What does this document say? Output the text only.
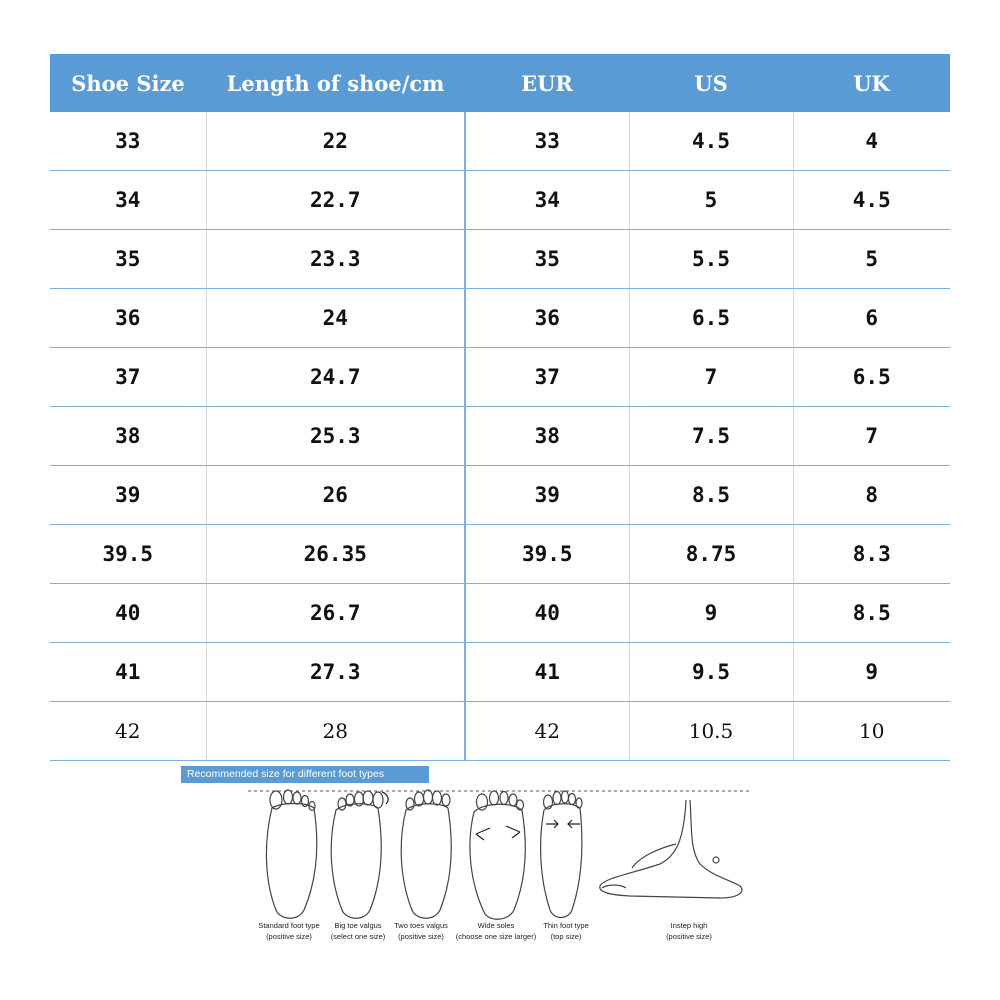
Shoe Size	Length of shoe/cm	EUR	US	UK
33	22	33	4.5	4
34	22.7	34	5	4.5
35	23.3	35	5.5	5
36	24	36	6.5	6
37	24.7	37	7	6.5
38	25.3	38	7.5	7
39	26	39	8.5	8
39.5	26.35	39.5	8.75	8.3
40	26.7	40	9	8.5
41	27.3	41	9.5	9
42	28	42	10.5	10
Recommended size for different foot types
Standard foot type
(positive size)
Big toe valgus
(select one size)
Two toes valgus
(positive size)
Wide soles
(choose one size larger)
Thin foot type
(top size)
Instep high
(positive size)
